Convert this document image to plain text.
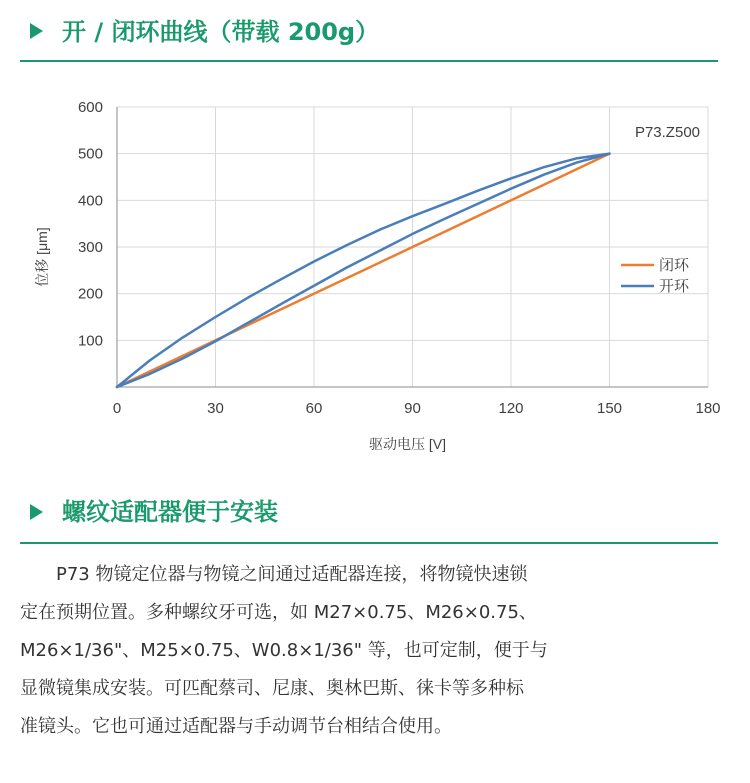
开 / 闭环曲线（带载 200g）
0	30	60	90	120	150	180
100
200
300
400
500
600
驱动电压 [V]
位移 [μm]
P73.Z500
闭环
开环
螺纹适配器便于安装
P73 物镜定位器与物镜之间通过适配器连接，将物镜快速锁
定在预期位置。多种螺纹牙可选，如 M27×0.75、M26×0.75、
M26×1/36"、M25×0.75、W0.8×1/36" 等，也可定制，便于与
显微镜集成安装。可匹配蔡司、尼康、奥林巴斯、徕卡等多种标
准镜头。它也可通过适配器与手动调节台相结合使用。
